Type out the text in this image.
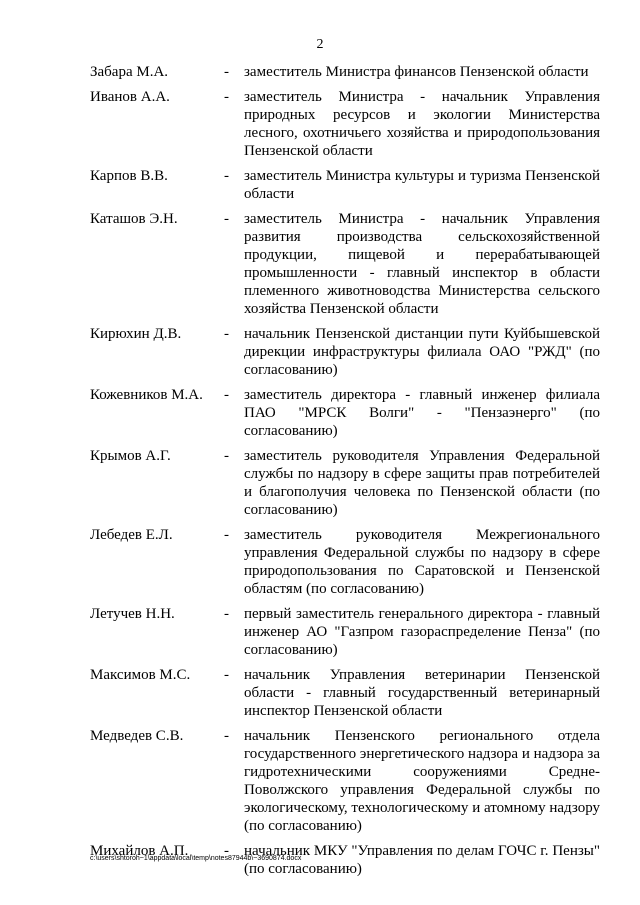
2
Забара М.А.	-	заместитель Министра финансов Пензенской области
Иванов А.А.	-	заместитель Министра - начальник Управления природных ресурсов и экологии Министерства лесного, охотничьего хозяйства и природопользования Пензенской области
Карпов В.В.	-	заместитель Министра культуры и туризма Пензенской области
Каташов Э.Н.	-	заместитель Министра - начальник Управления развития производства сельскохозяйственной продукции, пищевой и перерабатывающей промышленности - главный инспектор в области племенного животноводства Министерства сельского хозяйства Пензенской области
Кирюхин Д.В.	-	начальник Пензенской дистанции пути Куйбышевской дирекции инфраструктуры филиала ОАО "РЖД" (по согласованию)
Кожевников М.А.	-	заместитель директора - главный инженер филиала ПАО "МРСК Волги" - "Пензаэнерго" (по согласованию)
Крымов А.Г.	-	заместитель руководителя Управления Федеральной службы по надзору в сфере защиты прав потребителей и благополучия человека по Пензенской области (по согласованию)
Лебедев Е.Л.	-	заместитель руководителя Межрегионального управления Федеральной службы по надзору в сфере природопользования по Саратовской и Пензенской областям (по согласованию)
Летучев Н.Н.	-	первый заместитель генерального директора - главный инженер АО "Газпром газораспределение Пенза" (по согласованию)
Максимов М.С.	-	начальник Управления ветеринарии Пензенской области - главный государственный ветеринарный инспектор Пензенской области
Медведев С.В.	-	начальник Пензенского регионального отдела государственного энергетического надзора и надзора за гидротехническими сооружениями Средне-Поволжского управления Федеральной службы по экологическому, технологическому и атомному надзору (по согласованию)
Михайлов А.П.	-	начальник МКУ "Управления по делам ГОЧС г. Пензы" (по согласованию)
c:\users\shtoroh~1\appdata\local\temp\notes87944b\~3690874.docx
